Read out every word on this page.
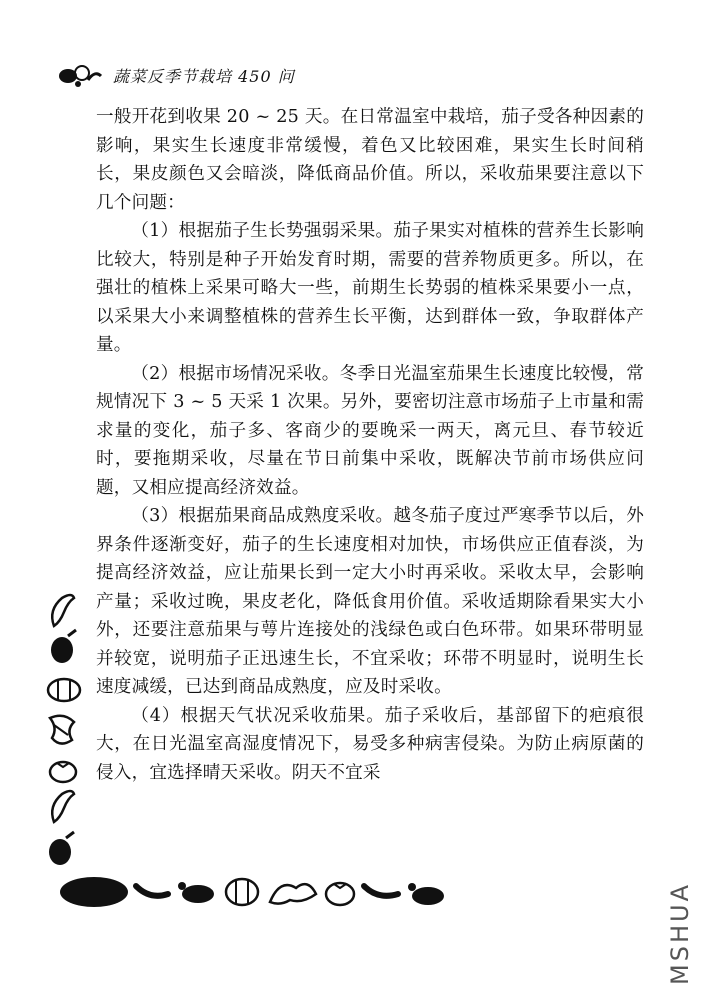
蔬菜反季节栽培 450 问

一般开花到收果 20 ~ 25 天。在日常温室中栽培，茄子受各种因素的影响，果实生长速度非常缓慢，着色又比较困难，果实生长时间稍长，果皮颜色又会暗淡，降低商品价值。所以，采收茄果要注意以下几个问题：

（1）根据茄子生长势强弱采果。茄子果实对植株的营养生长影响比较大，特别是种子开始发育时期，需要的营养物质更多。所以，在强壮的植株上采果可略大一些，前期生长势弱的植株采果要小一点，以采果大小来调整植株的营养生长平衡，达到群体一致，争取群体产量。

（2）根据市场情况采收。冬季日光温室茄果生长速度比较慢，常规情况下 3 ~ 5 天采 1 次果。另外，要密切注意市场茄子上市量和需求量的变化，茄子多、客商少的要晚采一两天，离元旦、春节较近时，要拖期采收，尽量在节日前集中采收，既解决节前市场供应问题，又相应提高经济效益。

（3）根据茄果商品成熟度采收。越冬茄子度过严寒季节以后，外界条件逐渐变好，茄子的生长速度相对加快，市场供应正值春淡，为提高经济效益，应让茄果长到一定大小时再采收。采收太早，会影响产量；采收过晚，果皮老化，降低食用价值。采收适期除看果实大小外，还要注意茄果与萼片连接处的浅绿色或白色环带。如果环带明显并较宽，说明茄子正迅速生长，不宜采收；环带不明显时，说明生长速度减缓，已达到商品成熟度，应及时采收。

（4）根据天气状况采收茄果。茄子采收后，基部留下的疤痕很大，在日光温室高湿度情况下，易受多种病害侵染。为防止病原菌的侵入，宜选择晴天采收。阴天不宜采

MSHUA
